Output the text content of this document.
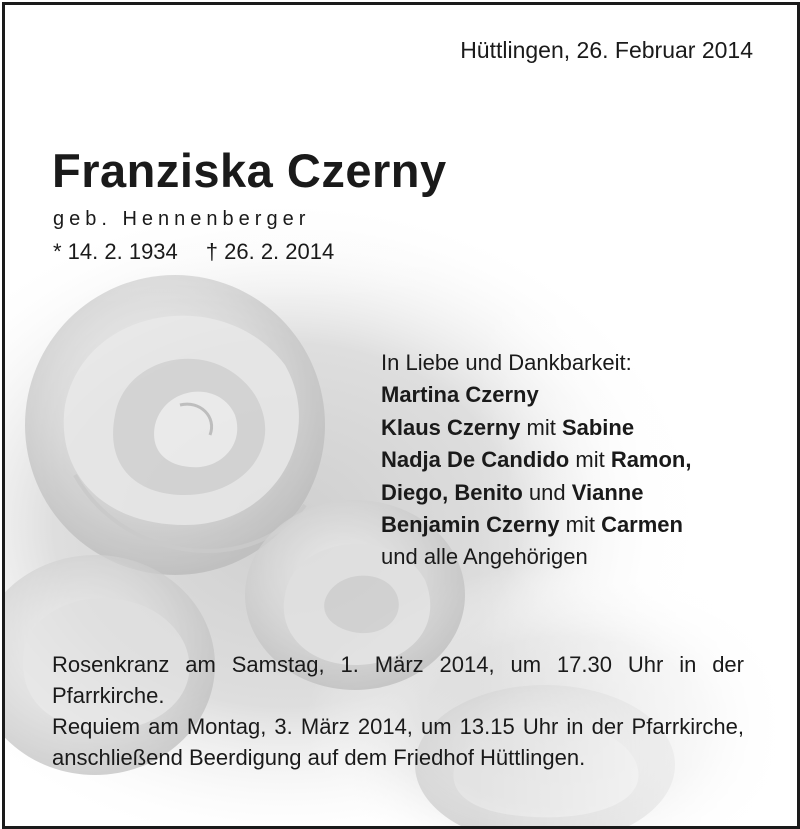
Hüttlingen, 26. Februar 2014
Franziska Czerny
geb. Hennenberger
* 14. 2. 1934 † 26. 2. 2014
In Liebe und Dankbarkeit:
Martina Czerny
Klaus Czerny mit Sabine
Nadja De Candido mit Ramon,
Diego, Benito und Vianne
Benjamin Czerny mit Carmen
und alle Angehörigen

Rosenkranz am Samstag, 1. März 2014, um 17.30 Uhr in der Pfarrkirche.

Requiem am Montag, 3. März 2014, um 13.15 Uhr in der Pfarrkirche, anschließend Beerdigung auf dem Friedhof Hüttlingen.
